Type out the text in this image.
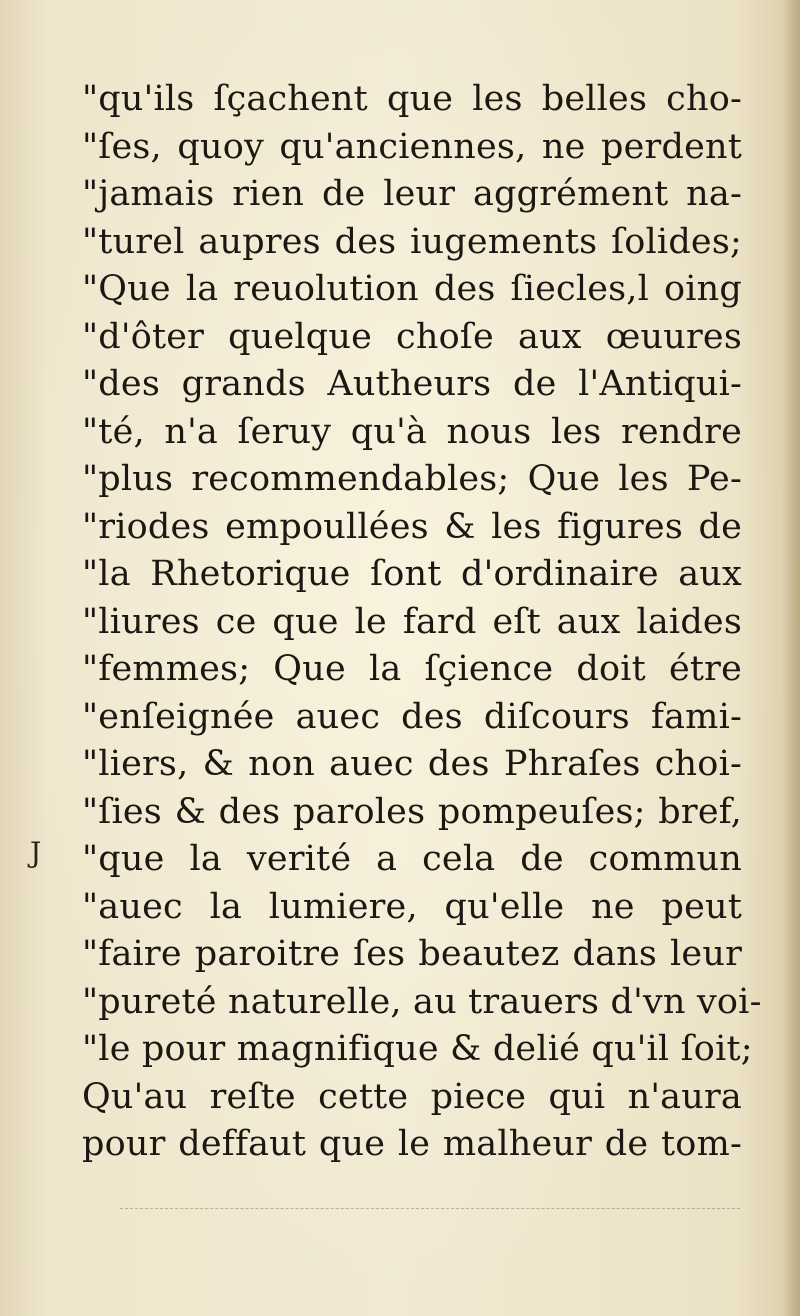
J
"qu'ils ſçachent que les belles cho-
"ſes, quoy qu'anciennes, ne perdent
"jamais rien de leur aggrément na-
"turel aupres des iugements ſolides;
"Que la reuolution des ſiecles,l oing
"d'ôter quelque choſe aux œuures
"des grands Autheurs de l'Antiqui-
"té, n'a ſeruy qu'à nous les rendre
"plus recommendables; Que les Pe-
"riodes empoullées & les figures de
"la Rhetorique ſont d'ordinaire aux
"liures ce que le fard eſt aux laides
"femmes; Que la ſçience doit étre
"enſeignée auec des diſcours fami-
"liers, & non auec des Phraſes choi-
"ſies & des paroles pompeuſes; bref,
"que la verité a cela de commun
"auec la lumiere, qu'elle ne peut
"faire paroitre ſes beautez dans leur
"pureté naturelle, au trauers d'vn voi-
"le pour magnifique & delié qu'il ſoit;
Qu'au reſte cette piece qui n'aura
pour deffaut que le malheur de tom-
